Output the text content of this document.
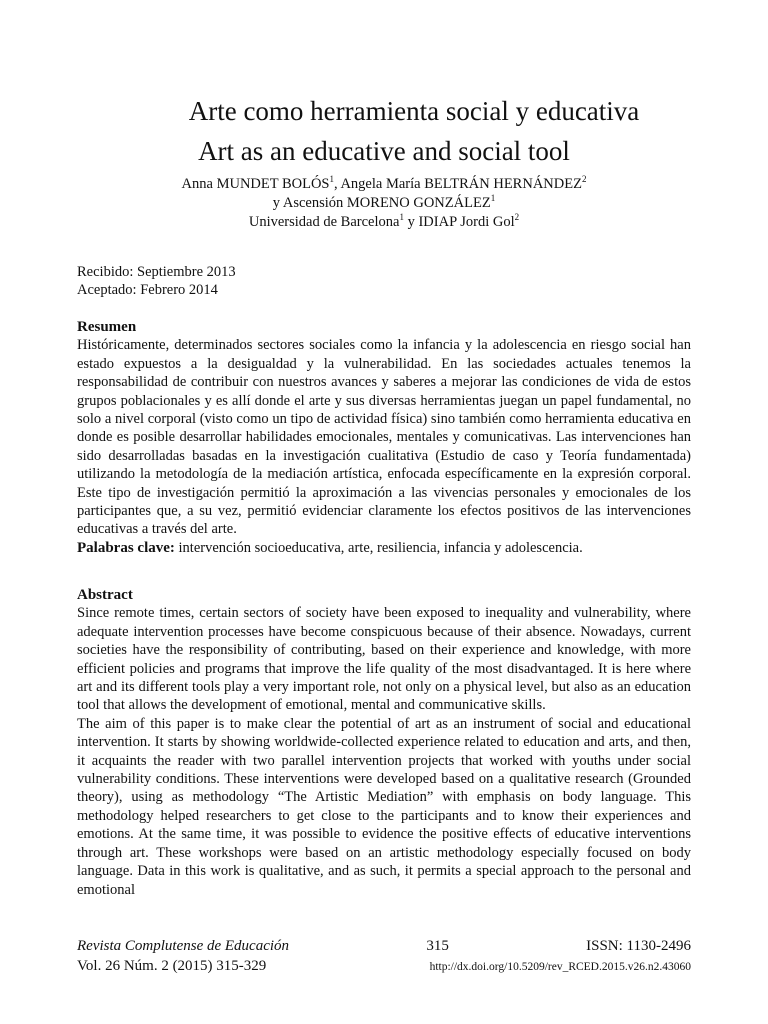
Arte como herramienta social y educativa
Art as an educative and social tool
Anna MUNDET BOLÓS$^1$, Angela María BELTRÁN HERNÁNDEZ$^2$
y Ascensión MORENO GONZÁLEZ$^1$
Universidad de Barcelona$^1$ y IDIAP Jordi Gol$^2$
Recibido: Septiembre 2013
Aceptado: Febrero 2014
Resumen

Históricamente, determinados sectores sociales como la infancia y la adolescencia en riesgo social han estado expuestos a la desigualdad y la vulnerabilidad. En las sociedades actuales tenemos la responsabilidad de contribuir con nuestros avances y saberes a mejorar las condiciones de vida de estos grupos poblacionales y es allí donde el arte y sus diversas herramientas juegan un papel fundamental, no solo a nivel corporal (visto como un tipo de actividad física) sino también como herramienta educativa en donde es posible desarrollar habilidades emocionales, mentales y comunicativas. Las intervenciones han sido desarrolladas basadas en la investigación cualitativa (Estudio de caso y Teoría fundamentada) utilizando la metodología de la mediación artística, enfocada específicamente en la expresión corporal. Este tipo de investigación permitió la aproximación a las vivencias personales y emocionales de los participantes que, a su vez, permitió evidenciar claramente los efectos positivos de las intervenciones educativas a través del arte.

Palabras clave: intervención socioeducativa, arte, resiliencia, infancia y adolescencia.

Abstract

Since remote times, certain sectors of society have been exposed to inequality and vulnerability, where adequate intervention processes have become conspicuous because of their absence. Nowadays, current societies have the responsibility of contributing, based on their experience and knowledge, with more efficient policies and programs that improve the life quality of the most disadvantaged. It is here where art and its different tools play a very important role, not only on a physical level, but also as an education tool that allows the development of emotional, mental and communicative skills.

The aim of this paper is to make clear the potential of art as an instrument of social and educational intervention. It starts by showing worldwide-collected experience related to education and arts, and then, it acquaints the reader with two parallel intervention projects that worked with youths under social vulnerability conditions. These interventions were developed based on a qualitative research (Grounded theory), using as methodology “The Artistic Mediation” with emphasis on body language. This methodology helped researchers to get close to the participants and to know their experiences and emotions. At the same time, it was possible to evidence the positive effects of educative interventions through art. These workshops were based on an artistic methodology especially focused on body language. Data in this work is qualitative, and as such, it permits a special approach to the personal and emotional

Revista Complutense de Educación	315	ISSN: 1130-2496
Vol. 26 Núm. 2 (2015) 315-329	http://dx.doi.org/10.5209/rev_RCED.2015.v26.n2.43060
